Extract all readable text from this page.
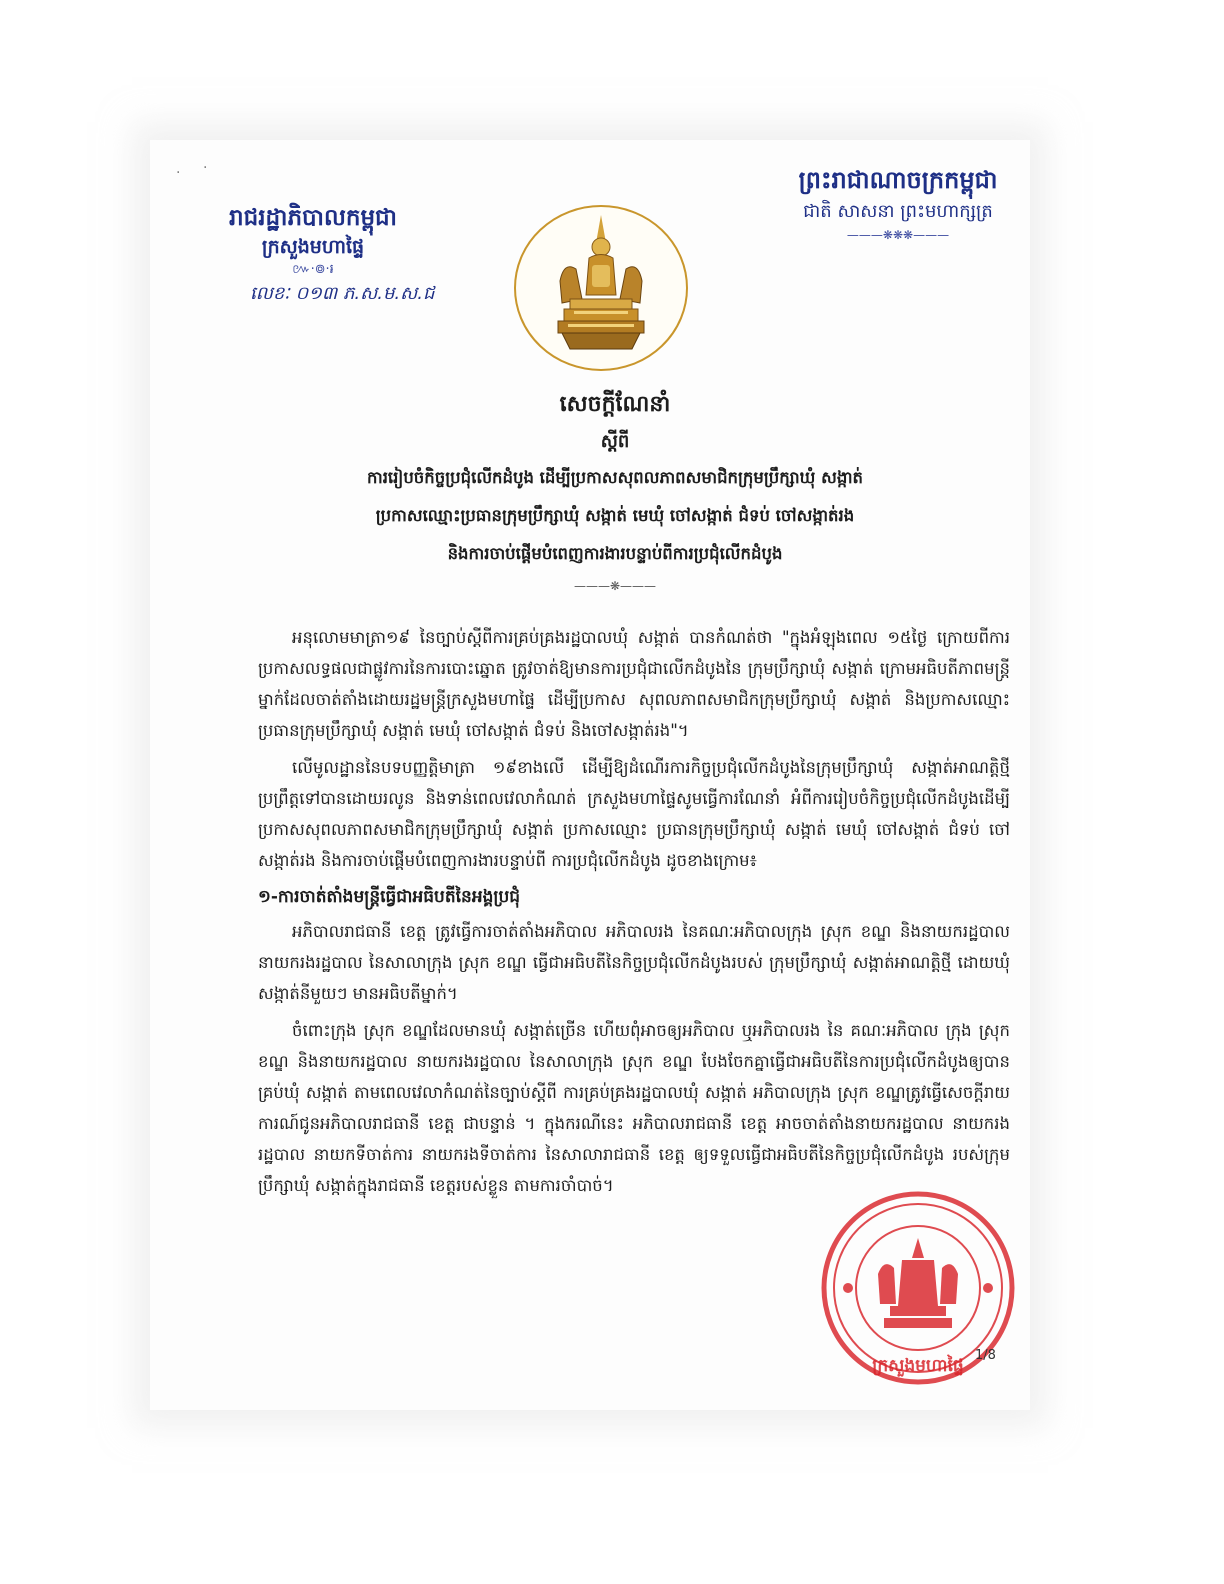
· ·
រាជរដ្ឋាភិបាលកម្ពុជា
ក្រសួងមហាផ្ទៃ
៚·៙·៛
លេខៈ ០១៣ ភ.ស.ម.ស.ជ
ព្រះរាជាណាចក្រកម្ពុជា
ជាតិ សាសនា ព្រះមហាក្សត្រ
———❋❋❋———
សេចក្តីណែនាំ
ស្តីពី
ការរៀបចំកិច្ចប្រជុំលើកដំបូង ដើម្បីប្រកាសសុពលភាពសមាជិកក្រុមប្រឹក្សាឃុំ សង្កាត់
ប្រកាសឈ្មោះប្រធានក្រុមប្រឹក្សាឃុំ សង្កាត់ មេឃុំ ចៅសង្កាត់ ជំទប់ ចៅសង្កាត់រង
និងការចាប់ផ្តើមបំពេញការងារបន្ទាប់ពីការប្រជុំលើកដំបូង
———❋———

អនុលោមមាត្រា១៩ នៃច្បាប់ស្តីពីការគ្រប់គ្រងរដ្ឋបាលឃុំ សង្កាត់ បានកំណត់ថា "ក្នុងអំឡុងពេល ១៥ថ្ងៃ ក្រោយពីការប្រកាសលទ្ធផលជាផ្លូវការនៃការបោះឆ្នោត ត្រូវចាត់ឱ្យមានការប្រជុំជាលើកដំបូងនៃ ក្រុមប្រឹក្សាឃុំ សង្កាត់ ក្រោមអធិបតីភាពមន្ត្រីម្នាក់ដែលចាត់តាំងដោយរដ្ឋមន្ត្រីក្រសួងមហាផ្ទៃ ដើម្បីប្រកាស សុពលភាពសមាជិកក្រុមប្រឹក្សាឃុំ សង្កាត់ និងប្រកាសឈ្មោះប្រធានក្រុមប្រឹក្សាឃុំ សង្កាត់ មេឃុំ ចៅសង្កាត់ ជំទប់ និងចៅសង្កាត់រង"។

លើមូលដ្ឋាននៃបទបញ្ញត្តិមាត្រា ១៩ខាងលើ ដើម្បីឱ្យដំណើរការកិច្ចប្រជុំលើកដំបូងនៃក្រុមប្រឹក្សាឃុំ សង្កាត់អាណត្តិថ្មី ប្រព្រឹត្តទៅបានដោយរលូន និងទាន់ពេលវេលាកំណត់ ក្រសួងមហាផ្ទៃសូមធ្វើការណែនាំ អំពីការរៀបចំកិច្ចប្រជុំលើកដំបូងដើម្បីប្រកាសសុពលភាពសមាជិកក្រុមប្រឹក្សាឃុំ សង្កាត់ ប្រកាសឈ្មោះ ប្រធានក្រុមប្រឹក្សាឃុំ សង្កាត់ មេឃុំ ចៅសង្កាត់ ជំទប់ ចៅសង្កាត់រង និងការចាប់ផ្តើមបំពេញការងារបន្ទាប់ពី ការប្រជុំលើកដំបូង ដូចខាងក្រោម៖

១-ការចាត់តាំងមន្ត្រីធ្វើជាអធិបតីនៃអង្គប្រជុំ

អភិបាលរាជធានី ខេត្ត ត្រូវធ្វើការចាត់តាំងអភិបាល អភិបាលរង នៃគណៈអភិបាលក្រុង ស្រុក ខណ្ឌ និងនាយករដ្ឋបាល នាយករងរដ្ឋបាល នៃសាលាក្រុង ស្រុក ខណ្ឌ ធ្វើជាអធិបតីនៃកិច្ចប្រជុំលើកដំបូងរបស់ ក្រុមប្រឹក្សាឃុំ សង្កាត់អាណត្តិថ្មី ដោយឃុំ សង្កាត់នីមួយៗ មានអធិបតីម្នាក់។

ចំពោះក្រុង ស្រុក ខណ្ឌដែលមានឃុំ សង្កាត់ច្រើន ហើយពុំអាចឲ្យអភិបាល ឬអភិបាលរង នៃ គណៈអភិបាល ក្រុង ស្រុក ខណ្ឌ និងនាយករដ្ឋបាល នាយករងរដ្ឋបាល នៃសាលាក្រុង ស្រុក ខណ្ឌ បែងចែកគ្នាធ្វើជាអធិបតីនៃការប្រជុំលើកដំបូងឲ្យបានគ្រប់ឃុំ សង្កាត់ តាមពេលវេលាកំណត់នៃច្បាប់ស្តីពី ការគ្រប់គ្រងរដ្ឋបាលឃុំ សង្កាត់ អភិបាលក្រុង ស្រុក ខណ្ឌត្រូវធ្វើសេចក្តីរាយការណ៍ជូនអភិបាលរាជធានី ខេត្ត ជាបន្ទាន់ ។ ក្នុងករណីនេះ អភិបាលរាជធានី ខេត្ត អាចចាត់តាំងនាយករដ្ឋបាល នាយករងរដ្ឋបាល នាយកទីចាត់ការ នាយករងទីចាត់ការ នៃសាលារាជធានី ខេត្ត ឲ្យទទួលធ្វើជាអធិបតីនៃកិច្ចប្រជុំលើកដំបូង របស់ក្រុមប្រឹក្សាឃុំ សង្កាត់ក្នុងរាជធានី ខេត្តរបស់ខ្លួន តាមការចាំបាច់។

ក្រសួងមហាផ្ទៃ
1/8
